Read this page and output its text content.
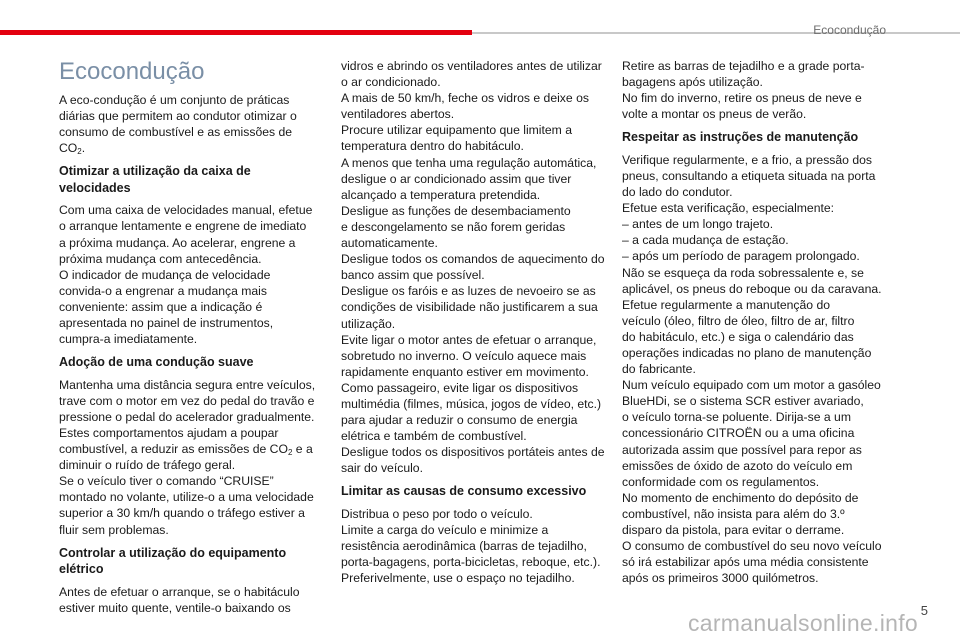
Ecocondução
Ecocondução

A eco-condução é um conjunto de práticas
diárias que permitem ao condutor otimizar o
consumo de combustível e as emissões de $CO_2$.

Otimizar a utilização da caixa de velocidades

Com uma caixa de velocidades manual, efetue
o arranque lentamente e engrene de imediato
a próxima mudança. Ao acelerar, engrene a
próxima mudança com antecedência.
O indicador de mudança de velocidade
convida-o a engrenar a mudança mais
conveniente: assim que a indicação é
apresentada no painel de instrumentos,
cumpra-a imediatamente.

Adoção de uma condução suave

Mantenha uma distância segura entre veículos,
trave com o motor em vez do pedal do travão e
pressione o pedal do acelerador gradualmente.
Estes comportamentos ajudam a poupar
combustível, a reduzir as emissões de $CO_2$ e a
diminuir o ruído de tráfego geral.
Se o veículo tiver o comando “CRUISE”
montado no volante, utilize-o a uma velocidade
superior a 30 km/h quando o tráfego estiver a
fluir sem problemas.

Controlar a utilização do equipamento elétrico

Antes de efetuar o arranque, se o habitáculo
estiver muito quente, ventile-o baixando os

vidros e abrindo os ventiladores antes de utilizar
o ar condicionado.
A mais de 50 km/h, feche os vidros e deixe os
ventiladores abertos.
Procure utilizar equipamento que limitem a
temperatura dentro do habitáculo.
A menos que tenha uma regulação automática,
desligue o ar condicionado assim que tiver
alcançado a temperatura pretendida.
Desligue as funções de desembaciamento
e descongelamento se não forem geridas
automaticamente.
Desligue todos os comandos de aquecimento do
banco assim que possível.
Desligue os faróis e as luzes de nevoeiro se as
condições de visibilidade não justificarem a sua
utilização.
Evite ligar o motor antes de efetuar o arranque,
sobretudo no inverno. O veículo aquece mais
rapidamente enquanto estiver em movimento.
Como passageiro, evite ligar os dispositivos
multimédia (filmes, música, jogos de vídeo, etc.)
para ajudar a reduzir o consumo de energia
elétrica e também de combustível.
Desligue todos os dispositivos portáteis antes de
sair do veículo.

Limitar as causas de consumo excessivo

Distribua o peso por todo o veículo.
Limite a carga do veículo e minimize a
resistência aerodinâmica (barras de tejadilho,
porta-bagagens, porta-bicicletas, reboque, etc.).
Preferivelmente, use o espaço no tejadilho.

Retire as barras de tejadilho e a grade porta-
bagagens após utilização.
No fim do inverno, retire os pneus de neve e
volte a montar os pneus de verão.

Respeitar as instruções de manutenção

Verifique regularmente, e a frio, a pressão dos
pneus, consultando a etiqueta situada na porta
do lado do condutor.
Efetue esta verificação, especialmente:
– antes de um longo trajeto.
– a cada mudança de estação.
– após um período de paragem prolongado.
Não se esqueça da roda sobressalente e, se
aplicável, os pneus do reboque ou da caravana.
Efetue regularmente a manutenção do
veículo (óleo, filtro de óleo, filtro de ar, filtro
do habitáculo, etc.) e siga o calendário das
operações indicadas no plano de manutenção
do fabricante.
Num veículo equipado com um motor a gasóleo
BlueHDi, se o sistema SCR estiver avariado,
o veículo torna-se poluente. Dirija-se a um
concessionário CITROËN ou a uma oficina
autorizada assim que possível para repor as
emissões de óxido de azoto do veículo em
conformidade com os regulamentos.
No momento de enchimento do depósito de
combustível, não insista para além do 3.º
disparo da pistola, para evitar o derrame.
O consumo de combustível do seu novo veículo
só irá estabilizar após uma média consistente
após os primeiros 3000 quilómetros.

5
carmanualsonline.info
